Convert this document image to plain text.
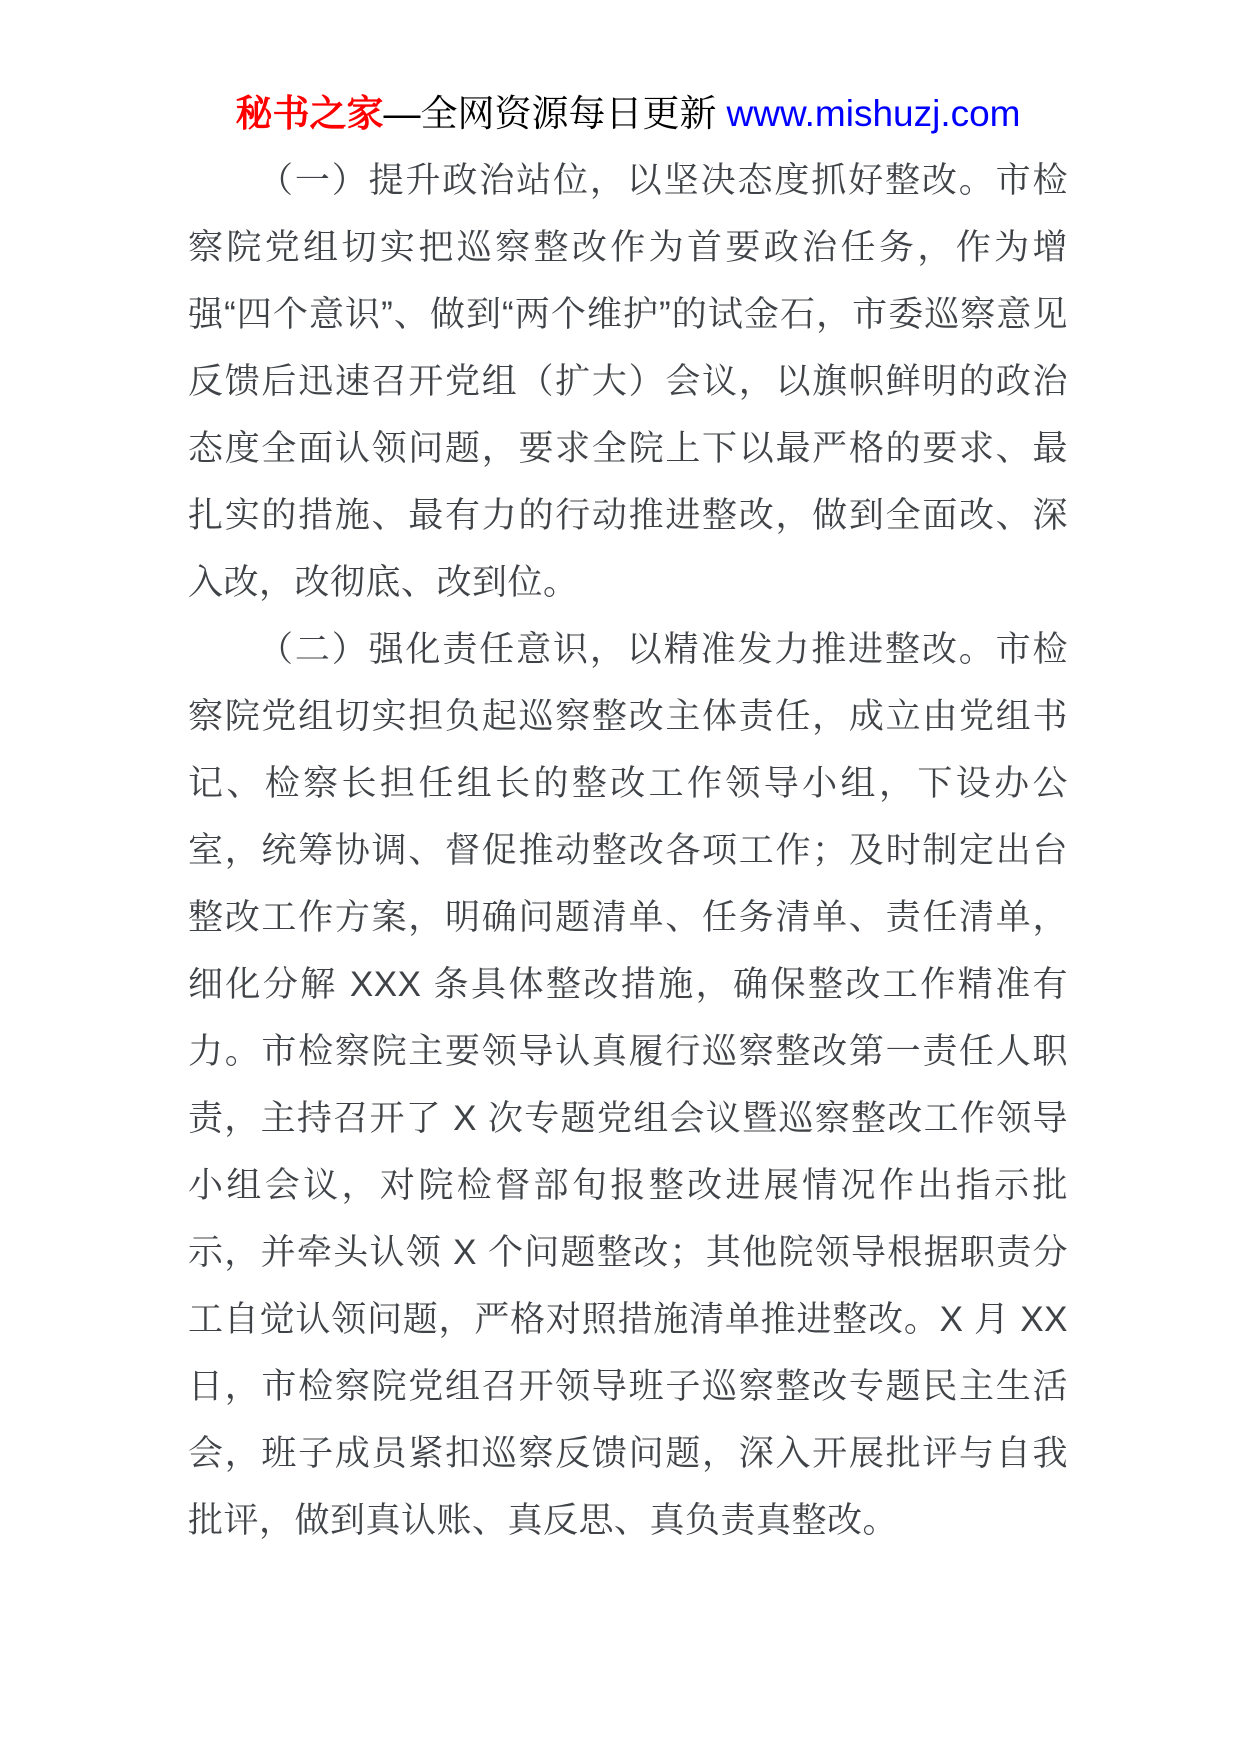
秘书之家—全网资源每日更新 www.mishuzj.com

（一）提升政治站位，以坚决态度抓好整改。市检察院党组切实把巡察整改作为首要政治任务，作为增强“四个意识”、做到“两个维护”的试金石，市委巡察意见反馈后迅速召开党组（扩大）会议，以旗帜鲜明的政治态度全面认领问题，要求全院上下以最严格的要求、最扎实的措施、最有力的行动推进整改，做到全面改、深入改，改彻底、改到位。

（二）强化责任意识，以精准发力推进整改。市检察院党组切实担负起巡察整改主体责任，成立由党组书记、检察长担任组长的整改工作领导小组，下设办公室，统筹协调、督促推动整改各项工作；及时制定出台整改工作方案，明确问题清单、任务清单、责任清单，细化分解 XXX 条具体整改措施，确保整改工作精准有力。市检察院主要领导认真履行巡察整改第一责任人职责，主持召开了 X 次专题党组会议暨巡察整改工作领导小组会议，对院检督部旬报整改进展情况作出指示批示，并牵头认领 X 个问题整改；其他院领导根据职责分工自觉认领问题，严格对照措施清单推进整改。X 月 XX 日，市检察院党组召开领导班子巡察整改专题民主生活会，班子成员紧扣巡察反馈问题，深入开展批评与自我批评，做到真认账、真反思、真负责真整改。
